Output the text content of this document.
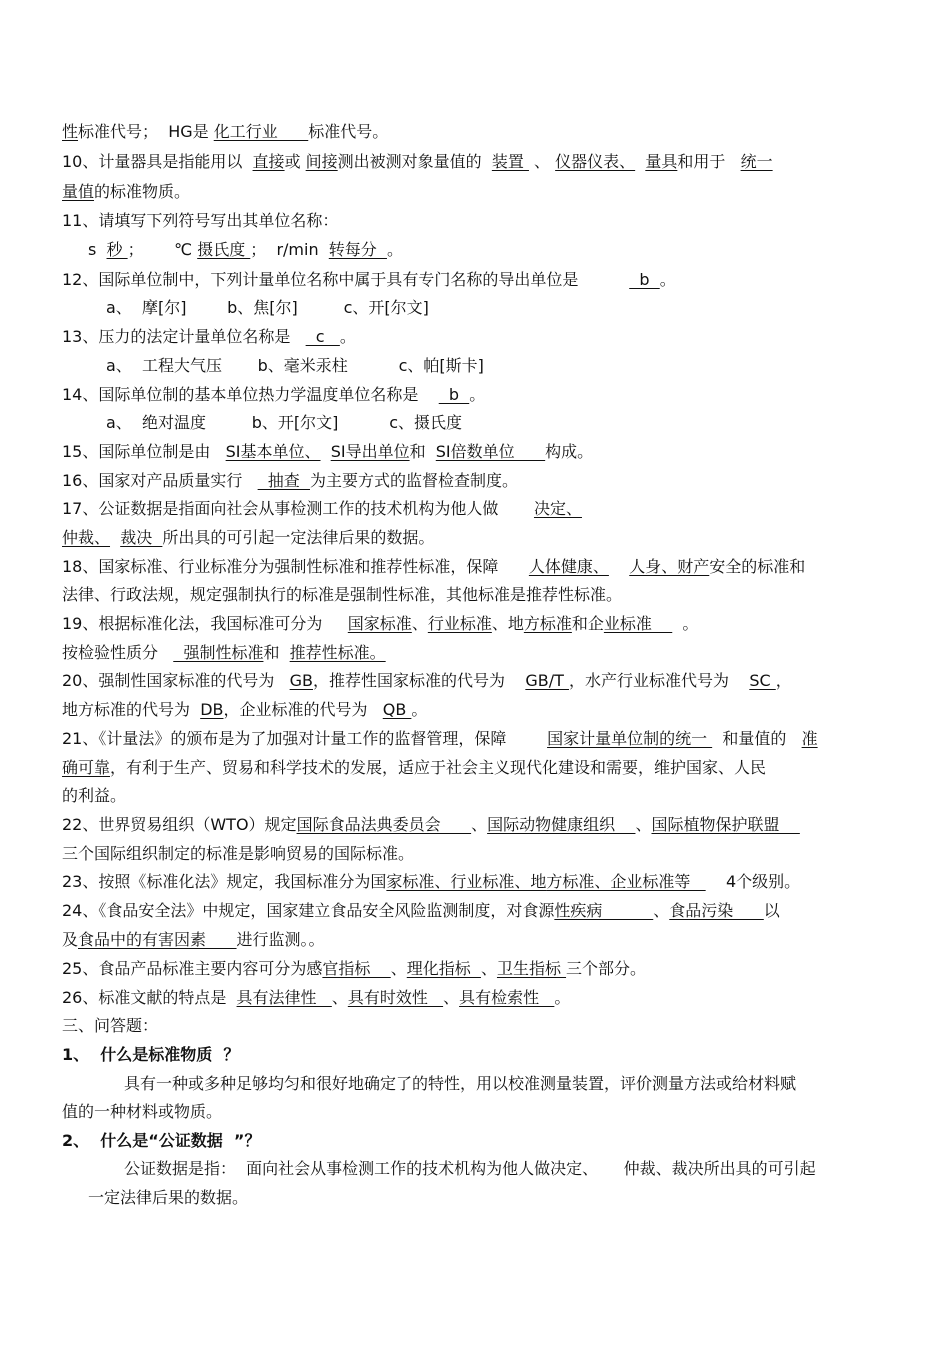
性标准代号；  HG是 化工行业      标准代号。
10、计量器具是指能用以  直接或 间接测出被测对象量值的  装置  、 仪器仪表、 量具和用于   统一
量值的标准物质。
11、请填写下列符号写出其单位名称：
s  秒 ；      ℃ 摄氏度 ；  r/min  转每分  。
12、国际单位制中，下列计量单位名称中属于具有专门名称的导出单位是            b  。
a、  摩[尔]        b、焦[尔]         c、开[尔文]
13、压力的法定计量单位名称是     c   。
a、  工程大气压       b、毫米汞柱          c、帕[斯卡]
14、国际单位制的基本单位热力学温度单位名称是      b  。
a、  绝对温度         b、开[尔文]          c、摄氏度
15、国际单位制是由   SI基本单位、 SI导出单位和  SI倍数单位      构成。
16、国家对产品质量实行     抽查  为主要方式的监督检查制度。
17、公证数据是指面向社会从事检测工作的技术机构为他人做       决定、
仲裁、 裁决  所出具的可引起一定法律后果的数据。
18、国家标准、行业标准分为强制性标准和推荐性标准，保障      人体健康、 人身、财产安全的标准和
法律、行政法规，规定强制执行的标准是强制性标准，其他标准是推荐性标准。
19、根据标准化法，我国标准可分为     国家标准、行业标准、地方标准和企业标准      。
按检验性质分     强制性标准和  推荐性标准。
20、强制性国家标准的代号为   GB，推荐性国家标准的代号为    GB/T ，水产行业标准代号为    SC ，
地方标准的代号为  DB，企业标准的代号为   QB 。
21、《计量法》的颁布是为了加强对计量工作的监督管理，保障        国家计量单位制的统一   和量值的   准
确可靠，有利于生产、贸易和科学技术的发展，适应于社会主义现代化建设和需要，维护国家、人民
的利益。
22、世界贸易组织（WTO）规定国际食品法典委员会      、国际动物健康组织    、国际植物保护联盟
三个国际组织制定的标准是影响贸易的国际标准。
23、按照《标准化法》规定，我国标准分为国家标准、行业标准、地方标准、企业标准等       4个级别。
24、《食品安全法》中规定，国家建立食品安全风险监测制度，对食源性疾病          、食品污染      以
及食品中的有害因素      进行监测。。
25、食品产品标准主要内容可分为感官指标    、理化指标  、卫生指标 三个部分。
26、标准文献的特点是  具有法律性   、具有时效性   、具有检索性   。
三、问答题：
1、  什么是标准物质  ？
具有一种或多种足够均匀和很好地确定了的特性，用以校准测量装置，评价测量方法或给材料赋
值的一种材料或物质。
2、  什么是“公证数据  ”？
公证数据是指：  面向社会从事检测工作的技术机构为他人做决定、     仲裁、裁决所出具的可引起
一定法律后果的数据。
